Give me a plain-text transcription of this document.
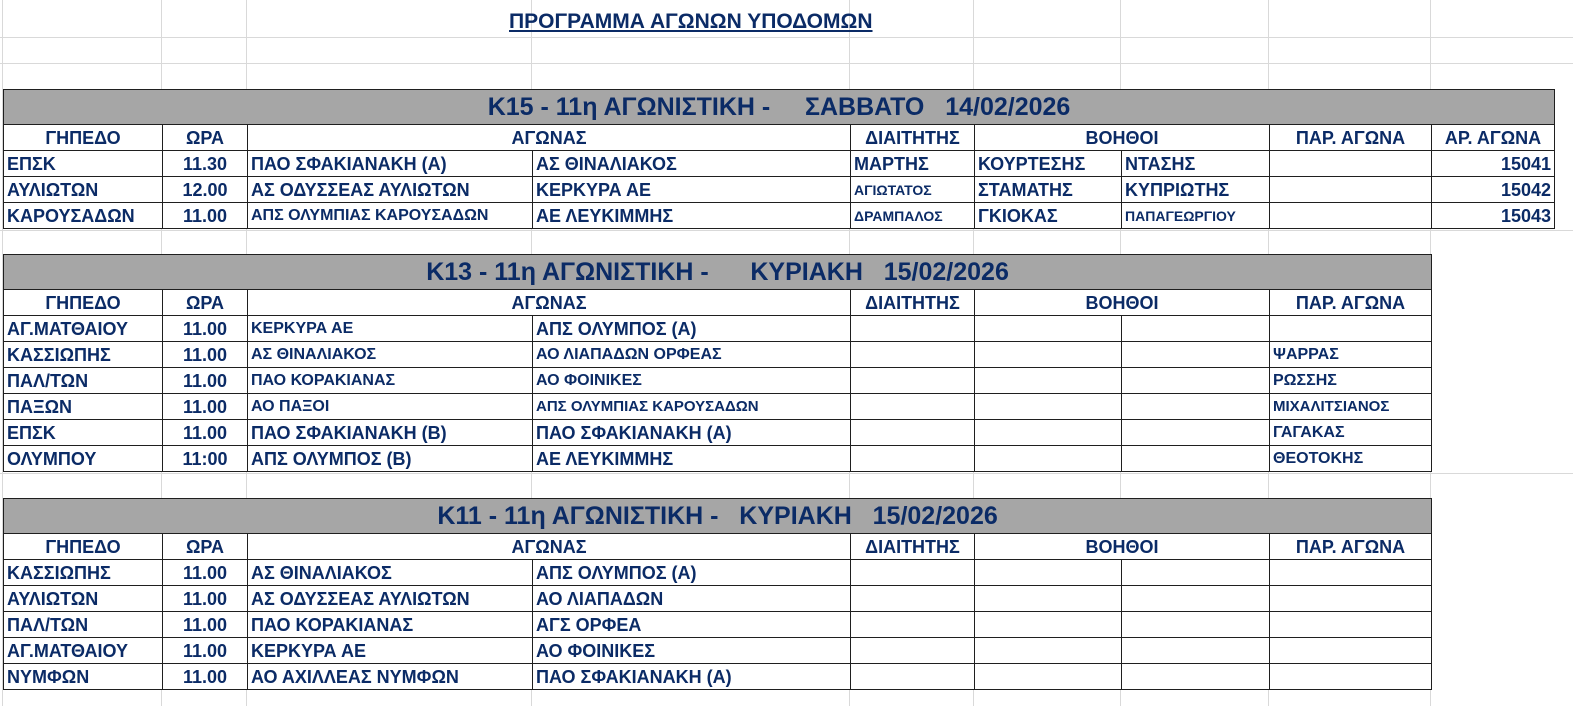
ΠΡΟΓΡΑΜΜΑ ΑΓΩΝΩΝ ΥΠΟΔΟΜΩΝ
K15 - 11η ΑΓΩΝΙΣΤΙΚΗ -     ΣΑΒΒΑΤΟ   14/02/2026								
ΓΗΠΕΔΟ	ΩΡΑ	ΑΓΩΝΑΣ		ΔΙΑΙΤΗΤΗΣ	ΒΟΗΘΟΙ		ΠΑΡ. ΑΓΩΝΑ	ΑΡ. ΑΓΩΝΑ
ΕΠΣΚ	11.30	ΠΑΟ ΣΦΑΚΙΑΝΑΚΗ (Α)	ΑΣ ΘΙΝΑΛΙΑΚΟΣ	ΜΑΡΤΗΣ	ΚΟΥΡΤΕΣΗΣ	ΝΤΑΣΗΣ		15041
ΑΥΛΙΩΤΩΝ	12.00	ΑΣ ΟΔΥΣΣΕΑΣ ΑΥΛΙΩΤΩΝ	ΚΕΡΚΥΡΑ ΑΕ	ΑΓΙΩΤΑΤΟΣ	ΣΤΑΜΑΤΗΣ	ΚΥΠΡΙΩΤΗΣ		15042
ΚΑΡΟΥΣΑΔΩΝ	11.00	ΑΠΣ ΟΛΥΜΠΙΑΣ ΚΑΡΟΥΣΑΔΩΝ	ΑΕ ΛΕΥΚΙΜΜΗΣ	ΔΡΑΜΠΑΛΟΣ	ΓΚΙΟΚΑΣ	ΠΑΠΑΓΕΩΡΓΙΟΥ		15043
K13 - 11η ΑΓΩΝΙΣΤΙΚΗ -      ΚΥΡΙΑΚΗ   15/02/2026							
ΓΗΠΕΔΟ	ΩΡΑ	ΑΓΩΝΑΣ		ΔΙΑΙΤΗΤΗΣ	ΒΟΗΘΟΙ		ΠΑΡ. ΑΓΩΝΑ
ΑΓ.ΜΑΤΘΑΙΟΥ	11.00	ΚΕΡΚΥΡΑ ΑΕ	ΑΠΣ ΟΛΥΜΠΟΣ (Α)				
ΚΑΣΣΙΩΠΗΣ	11.00	ΑΣ ΘΙΝΑΛΙΑΚΟΣ	ΑΟ ΛΙΑΠΑΔΩΝ ΟΡΦΕΑΣ				ΨΑΡΡΑΣ
ΠΑΛ/ΤΩΝ	11.00	ΠΑΟ ΚΟΡΑΚΙΑΝΑΣ	ΑΟ ΦΟΙΝΙΚΕΣ				ΡΩΣΣΗΣ
ΠΑΞΩΝ	11.00	ΑΟ ΠΑΞΟΙ	ΑΠΣ ΟΛΥΜΠΙΑΣ ΚΑΡΟΥΣΑΔΩΝ				ΜΙΧΑΛΙΤΣΙΑΝΟΣ
ΕΠΣΚ	11.00	ΠΑΟ ΣΦΑΚΙΑΝΑΚΗ (Β)	ΠΑΟ ΣΦΑΚΙΑΝΑΚΗ (Α)				ΓΑΓΑΚΑΣ
ΟΛΥΜΠΟΥ	11:00	ΑΠΣ ΟΛΥΜΠΟΣ (Β)	ΑΕ ΛΕΥΚΙΜΜΗΣ				ΘΕΟΤΟΚΗΣ
K11 - 11η ΑΓΩΝΙΣΤΙΚΗ -   ΚΥΡΙΑΚΗ   15/02/2026							
ΓΗΠΕΔΟ	ΩΡΑ	ΑΓΩΝΑΣ		ΔΙΑΙΤΗΤΗΣ	ΒΟΗΘΟΙ		ΠΑΡ. ΑΓΩΝΑ
ΚΑΣΣΙΩΠΗΣ	11.00	ΑΣ ΘΙΝΑΛΙΑΚΟΣ	ΑΠΣ ΟΛΥΜΠΟΣ (Α)				
ΑΥΛΙΩΤΩΝ	11.00	ΑΣ ΟΔΥΣΣΕΑΣ ΑΥΛΙΩΤΩΝ	ΑΟ ΛΙΑΠΑΔΩΝ				
ΠΑΛ/ΤΩΝ	11.00	ΠΑΟ ΚΟΡΑΚΙΑΝΑΣ	ΑΓΣ ΟΡΦΕΑ				
ΑΓ.ΜΑΤΘΑΙΟΥ	11.00	ΚΕΡΚΥΡΑ ΑΕ	ΑΟ ΦΟΙΝΙΚΕΣ				
ΝΥΜΦΩΝ	11.00	ΑΟ ΑΧΙΛΛΕΑΣ ΝΥΜΦΩΝ	ΠΑΟ ΣΦΑΚΙΑΝΑΚΗ (Α)				
